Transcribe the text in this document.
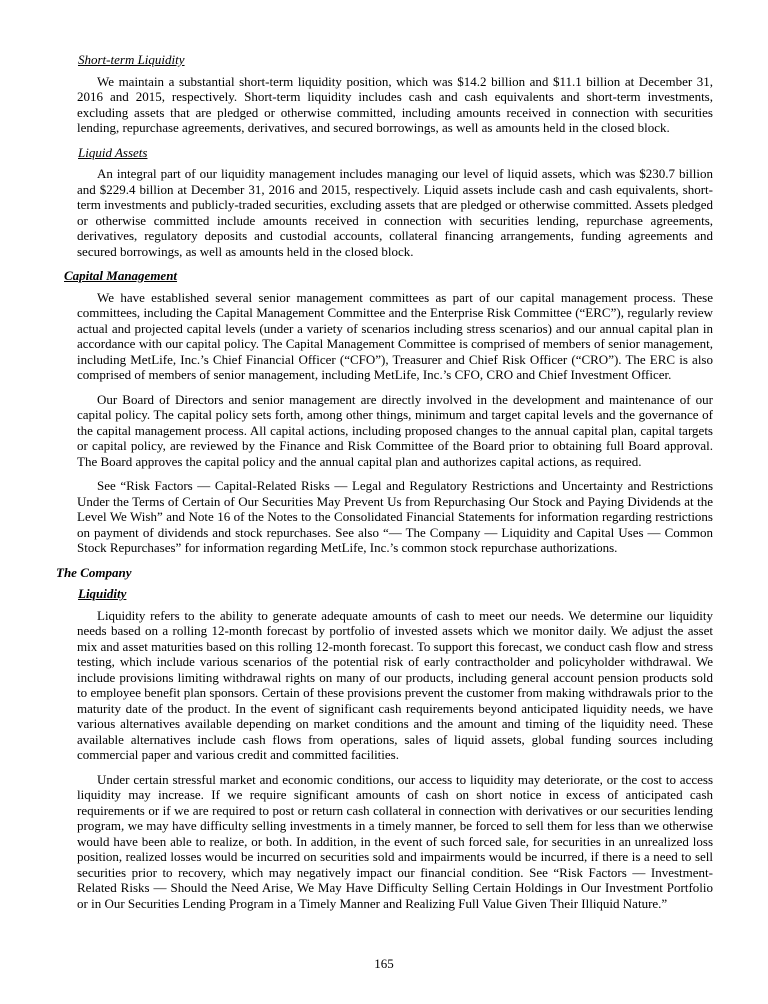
Short-term Liquidity

We maintain a substantial short-term liquidity position, which was $14.2 billion and $11.1 billion at December 31, 2016 and 2015, respectively. Short-term liquidity includes cash and cash equivalents and short-term investments, excluding assets that are pledged or otherwise committed, including amounts received in connection with securities lending, repurchase agreements, derivatives, and secured borrowings, as well as amounts held in the closed block.

Liquid Assets

An integral part of our liquidity management includes managing our level of liquid assets, which was $230.7 billion and $229.4 billion at December 31, 2016 and 2015, respectively. Liquid assets include cash and cash equivalents, short-term investments and publicly-traded securities, excluding assets that are pledged or otherwise committed. Assets pledged or otherwise committed include amounts received in connection with securities lending, repurchase agreements, derivatives, regulatory deposits and custodial accounts, collateral financing arrangements, funding agreements and secured borrowings, as well as amounts held in the closed block.

Capital Management

We have established several senior management committees as part of our capital management process. These committees, including the Capital Management Committee and the Enterprise Risk Committee (“ERC”), regularly review actual and projected capital levels (under a variety of scenarios including stress scenarios) and our annual capital plan in accordance with our capital policy. The Capital Management Committee is comprised of members of senior management, including MetLife, Inc.’s Chief Financial Officer (“CFO”), Treasurer and Chief Risk Officer (“CRO”). The ERC is also comprised of members of senior management, including MetLife, Inc.’s CFO, CRO and Chief Investment Officer.

Our Board of Directors and senior management are directly involved in the development and maintenance of our capital policy. The capital policy sets forth, among other things, minimum and target capital levels and the governance of the capital management process. All capital actions, including proposed changes to the annual capital plan, capital targets or capital policy, are reviewed by the Finance and Risk Committee of the Board prior to obtaining full Board approval. The Board approves the capital policy and the annual capital plan and authorizes capital actions, as required.

See “Risk Factors — Capital-Related Risks — Legal and Regulatory Restrictions and Uncertainty and Restrictions Under the Terms of Certain of Our Securities May Prevent Us from Repurchasing Our Stock and Paying Dividends at the Level We Wish” and Note 16 of the Notes to the Consolidated Financial Statements for information regarding restrictions on payment of dividends and stock repurchases. See also “— The Company — Liquidity and Capital Uses — Common Stock Repurchases” for information regarding MetLife, Inc.’s common stock repurchase authorizations.

The Company
Liquidity

Liquidity refers to the ability to generate adequate amounts of cash to meet our needs. We determine our liquidity needs based on a rolling 12-month forecast by portfolio of invested assets which we monitor daily. We adjust the asset mix and asset maturities based on this rolling 12-month forecast. To support this forecast, we conduct cash flow and stress testing, which include various scenarios of the potential risk of early contractholder and policyholder withdrawal. We include provisions limiting withdrawal rights on many of our products, including general account pension products sold to employee benefit plan sponsors. Certain of these provisions prevent the customer from making withdrawals prior to the maturity date of the product. In the event of significant cash requirements beyond anticipated liquidity needs, we have various alternatives available depending on market conditions and the amount and timing of the liquidity need. These available alternatives include cash flows from operations, sales of liquid assets, global funding sources including commercial paper and various credit and committed facilities.

Under certain stressful market and economic conditions, our access to liquidity may deteriorate, or the cost to access liquidity may increase. If we require significant amounts of cash on short notice in excess of anticipated cash requirements or if we are required to post or return cash collateral in connection with derivatives or our securities lending program, we may have difficulty selling investments in a timely manner, be forced to sell them for less than we otherwise would have been able to realize, or both. In addition, in the event of such forced sale, for securities in an unrealized loss position, realized losses would be incurred on securities sold and impairments would be incurred, if there is a need to sell securities prior to recovery, which may negatively impact our financial condition. See “Risk Factors — Investment-Related Risks — Should the Need Arise, We May Have Difficulty Selling Certain Holdings in Our Investment Portfolio or in Our Securities Lending Program in a Timely Manner and Realizing Full Value Given Their Illiquid Nature.”

165
